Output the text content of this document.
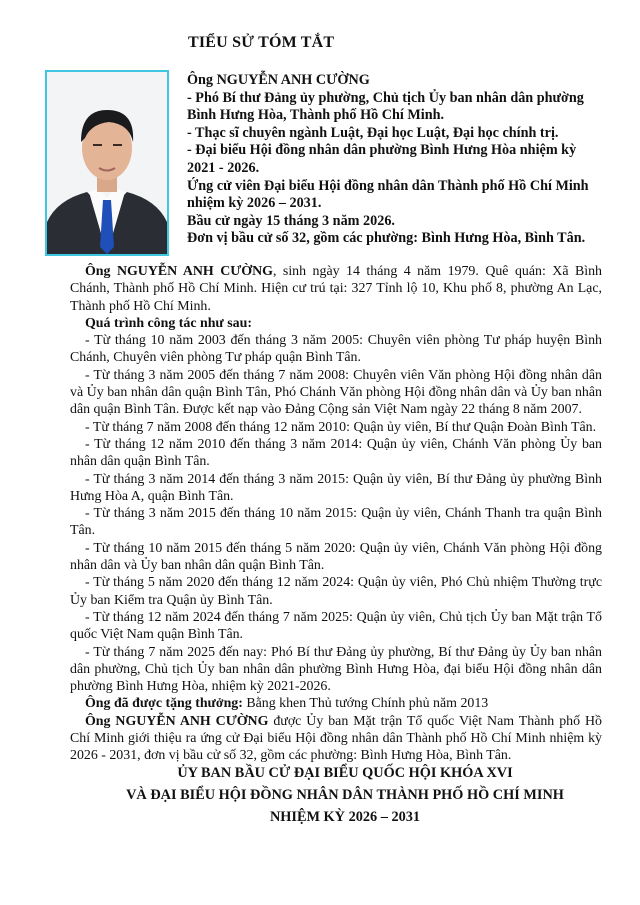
TIỂU SỬ TÓM TẮT
Ông NGUYỄN ANH CƯỜNG
- Phó Bí thư Đảng ủy phường, Chủ tịch Ủy ban nhân dân phường Bình Hưng Hòa, Thành phố Hồ Chí Minh.
- Thạc sĩ chuyên ngành Luật, Đại học Luật, Đại học chính trị.
- Đại biểu Hội đồng nhân dân phường Bình Hưng Hòa nhiệm kỳ 2021 - 2026.
Ứng cử viên Đại biểu Hội đồng nhân dân Thành phố Hồ Chí Minh nhiệm kỳ 2026 – 2031.
Bầu cử ngày 15 tháng 3 năm 2026.
Đơn vị bầu cử số 32, gồm các phường: Bình Hưng Hòa, Bình Tân.

Ông NGUYỄN ANH CƯỜNG, sinh ngày 14 tháng 4 năm 1979. Quê quán: Xã Bình Chánh, Thành phố Hồ Chí Minh. Hiện cư trú tại: 327 Tỉnh lộ 10, Khu phố 8, phường An Lạc, Thành phố Hồ Chí Minh.

Quá trình công tác như sau:

- Từ tháng 10 năm 2003 đến tháng 3 năm 2005: Chuyên viên phòng Tư pháp huyện Bình Chánh, Chuyên viên phòng Tư pháp quận Bình Tân.

- Từ tháng 3 năm 2005 đến tháng 7 năm 2008: Chuyên viên Văn phòng Hội đồng nhân dân và Ủy ban nhân dân quận Bình Tân, Phó Chánh Văn phòng Hội đồng nhân dân và Ủy ban nhân dân quận Bình Tân. Được kết nạp vào Đảng Cộng sản Việt Nam ngày 22 tháng 8 năm 2007.

- Từ tháng 7 năm 2008 đến tháng 12 năm 2010: Quận ủy viên, Bí thư Quận Đoàn Bình Tân.

- Từ tháng 12 năm 2010 đến tháng 3 năm 2014: Quận ủy viên, Chánh Văn phòng Ủy ban nhân dân quận Bình Tân.

- Từ tháng 3 năm 2014 đến tháng 3 năm 2015: Quận ủy viên, Bí thư Đảng ủy phường Bình Hưng Hòa A, quận Bình Tân.

- Từ tháng 3 năm 2015 đến tháng 10 năm 2015: Quận ủy viên, Chánh Thanh tra quận Bình Tân.

- Từ tháng 10 năm 2015 đến tháng 5 năm 2020: Quận ủy viên, Chánh Văn phòng Hội đồng nhân dân và Ủy ban nhân dân quận Bình Tân.

- Từ tháng 5 năm 2020 đến tháng 12 năm 2024: Quận ủy viên, Phó Chủ nhiệm Thường trực Ủy ban Kiểm tra Quận ủy Bình Tân.

- Từ tháng 12 năm 2024 đến tháng 7 năm 2025: Quận ủy viên, Chủ tịch Ủy ban Mặt trận Tổ quốc Việt Nam quận Bình Tân.

- Từ tháng 7 năm 2025 đến nay: Phó Bí thư Đảng ủy phường, Bí thư Đảng ủy Ủy ban nhân dân phường, Chủ tịch Ủy ban nhân dân phường Bình Hưng Hòa, đại biểu Hội đồng nhân dân phường Bình Hưng Hòa, nhiệm kỳ 2021-2026.

Ông đã được tặng thưởng: Bằng khen Thủ tướng Chính phủ năm 2013

Ông NGUYỄN ANH CƯỜNG được Ủy ban Mặt trận Tổ quốc Việt Nam Thành phố Hồ Chí Minh giới thiệu ra ứng cử Đại biểu Hội đồng nhân dân Thành phố Hồ Chí Minh nhiệm kỳ 2026 - 2031, đơn vị bầu cử số 32, gồm các phường: Bình Hưng Hòa, Bình Tân.

ỦY BAN BẦU CỬ ĐẠI BIỂU QUỐC HỘI KHÓA XVI
VÀ ĐẠI BIỂU HỘI ĐỒNG NHÂN DÂN THÀNH PHỐ HỒ CHÍ MINH
NHIỆM KỲ 2026 – 2031
